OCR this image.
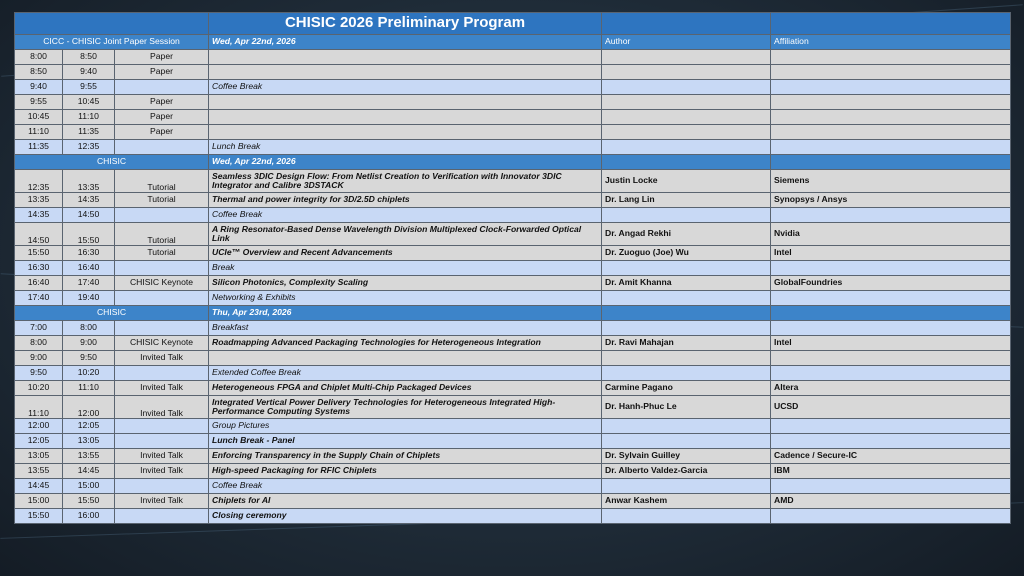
			CHISIC 2026 Preliminary Program		
CICC - CHISIC Joint Paper Session			Wed, Apr 22nd, 2026	Author	Affiliation
8:00	8:50	Paper			
8:50	9:40	Paper			
9:40	9:55		Coffee Break		
9:55	10:45	Paper			
10:45	11:10	Paper			
11:10	11:35	Paper			
11:35	12:35		Lunch Break		
CHISIC			Wed, Apr 22nd, 2026		
12:35	13:35	Tutorial	Seamless 3DIC Design Flow: From Netlist Creation to Verification with Innovator 3DIC Integrator and Calibre 3DSTACK	Justin Locke	Siemens
13:35	14:35	Tutorial	Thermal and power integrity for 3D/2.5D chiplets	Dr. Lang Lin	Synopsys / Ansys
14:35	14:50		Coffee Break		
14:50	15:50	Tutorial	A Ring Resonator-Based Dense Wavelength Division Multiplexed Clock-Forwarded Optical Link	Dr. Angad Rekhi	Nvidia
15:50	16:30	Tutorial	UCIe™ Overview and Recent Advancements	Dr. Zuoguo (Joe) Wu	Intel
16:30	16:40		Break		
16:40	17:40	CHISIC Keynote	Silicon Photonics, Complexity Scaling	Dr. Amit Khanna	GlobalFoundries
17:40	19:40		Networking & Exhibits		
CHISIC			Thu, Apr 23rd, 2026		
7:00	8:00		Breakfast		
8:00	9:00	CHISIC Keynote	Roadmapping Advanced Packaging Technologies for Heterogeneous Integration	Dr. Ravi Mahajan	Intel
9:00	9:50	Invited Talk			
9:50	10:20		Extended Coffee Break		
10:20	11:10	Invited Talk	Heterogeneous FPGA and Chiplet Multi-Chip Packaged Devices	Carmine Pagano	Altera
11:10	12:00	Invited Talk	Integrated Vertical Power Delivery Technologies for Heterogeneous Integrated High-Performance Computing Systems	Dr. Hanh-Phuc Le	UCSD
12:00	12:05		Group Pictures		
12:05	13:05		Lunch Break - Panel		
13:05	13:55	Invited Talk	Enforcing Transparency in the Supply Chain of Chiplets	Dr. Sylvain Guilley	Cadence / Secure-IC
13:55	14:45	Invited Talk	High-speed Packaging for RFIC Chiplets	Dr. Alberto Valdez-Garcia	IBM
14:45	15:00		Coffee Break		
15:00	15:50	Invited Talk	Chiplets for AI	Anwar Kashem	AMD
15:50	16:00		Closing ceremony		
